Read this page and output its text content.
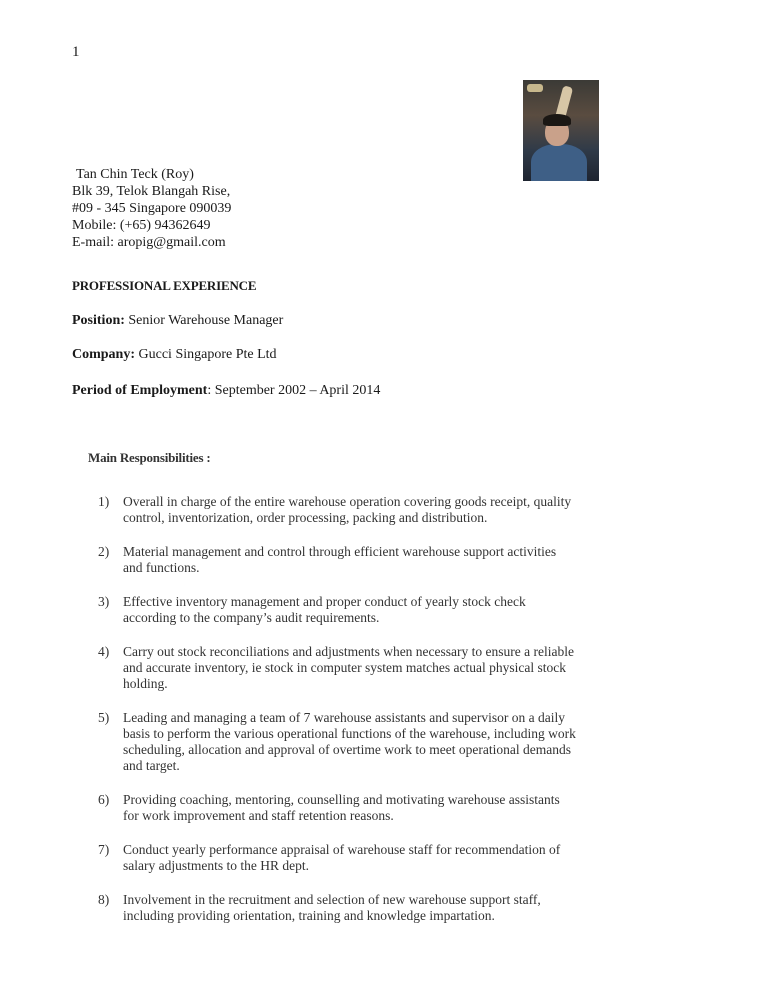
1
Tan Chin Teck (Roy)
Blk 39, Telok Blangah Rise,
#09 - 345 Singapore 090039
Mobile: (+65) 94362649
E-mail: aropig@gmail.com
PROFESSIONAL EXPERIENCE
Position: Senior Warehouse Manager
Company: Gucci Singapore Pte Ltd
Period of Employment: September 2002 – April 2014
Main Responsibilities :
1) Overall in charge of the entire warehouse operation covering goods receipt, quality control, inventorization, order processing, packing and distribution.
2) Material management and control through efficient warehouse support activities and functions.
3) Effective inventory management and proper conduct of yearly stock check according to the company’s audit requirements.
4) Carry out stock reconciliations and adjustments when necessary to ensure a reliable and accurate inventory, ie stock in computer system matches actual physical stock holding.
5) Leading and managing a team of 7 warehouse assistants and supervisor on a daily basis to perform the various operational functions of the warehouse, including work scheduling, allocation and approval of overtime work to meet operational demands and target.
6) Providing coaching, mentoring, counselling and motivating warehouse assistants for work improvement and staff retention reasons.
7) Conduct yearly performance appraisal of warehouse staff for recommendation of salary adjustments to the HR dept.
8) Involvement in the recruitment and selection of new warehouse support staff, including providing orientation, training and knowledge impartation.
